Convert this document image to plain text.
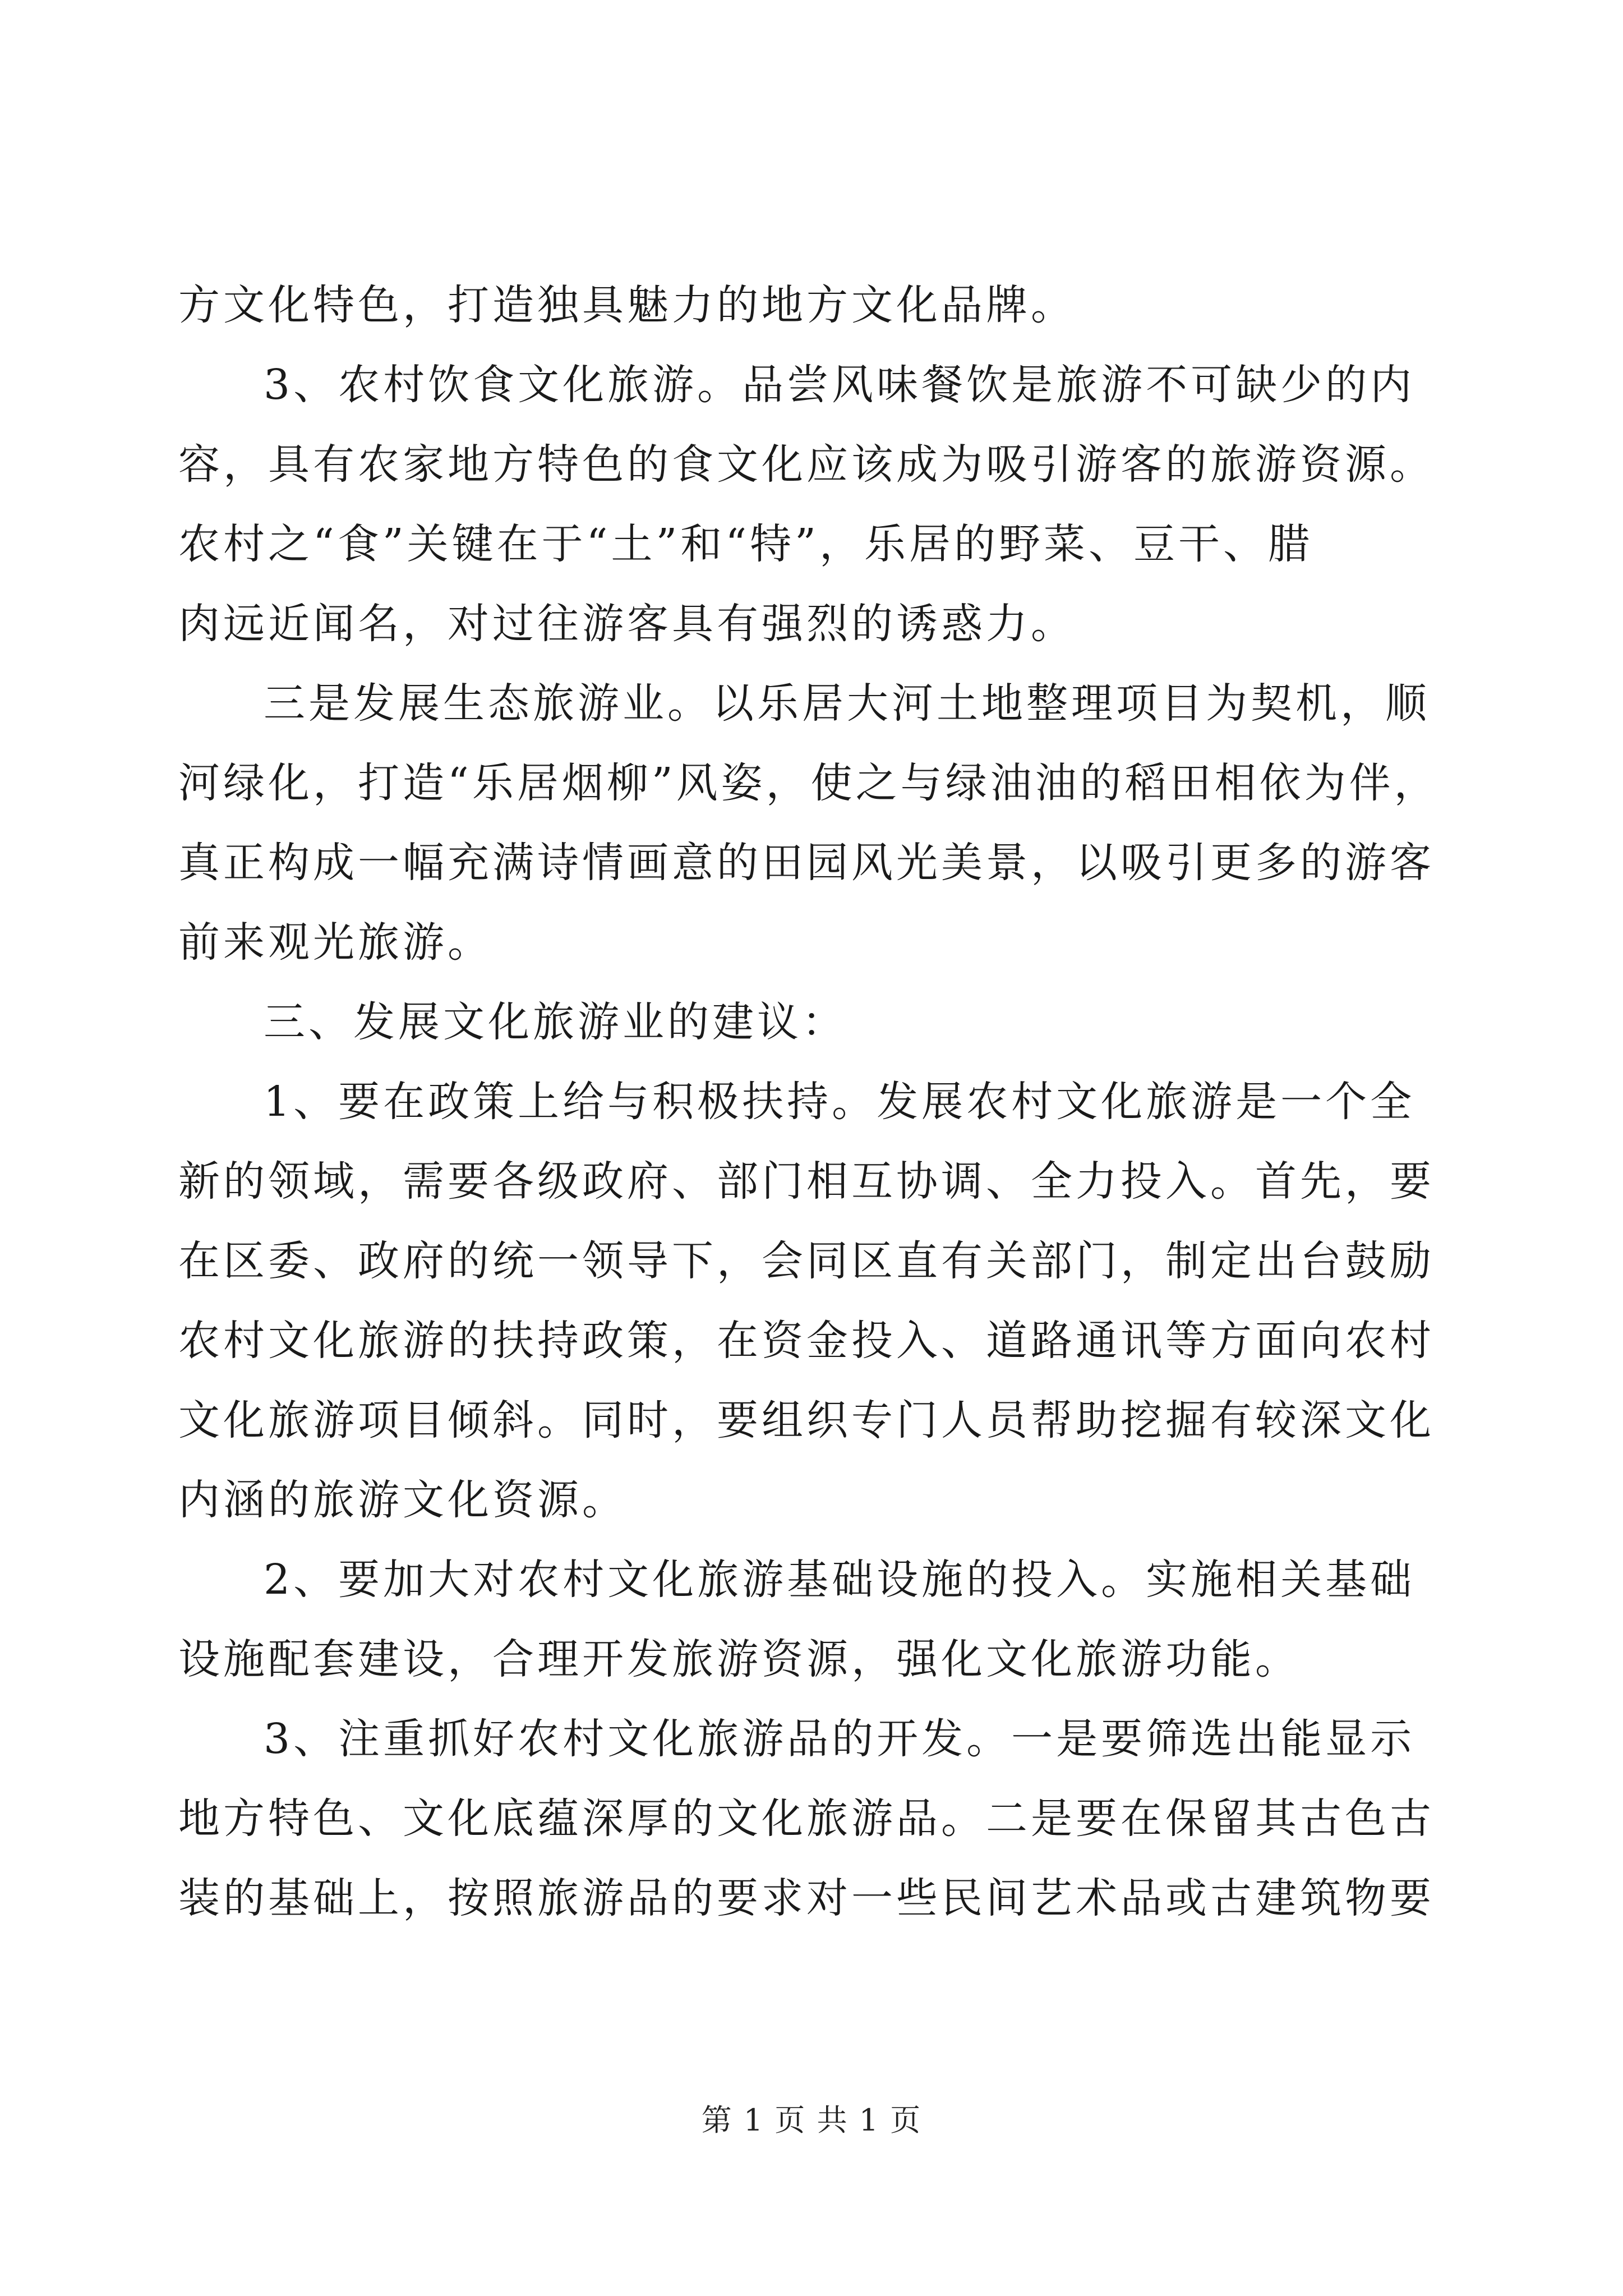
方文化特色，打造独具魅力的地方文化品牌。
3、农村饮食文化旅游。品尝风味餐饮是旅游不可缺少的内
容，具有农家地方特色的食文化应该成为吸引游客的旅游资源。
农村之“食”关键在于“土”和“特”，乐居的野菜、豆干、腊
肉远近闻名，对过往游客具有强烈的诱惑力。
三是发展生态旅游业。以乐居大河土地整理项目为契机，顺
河绿化，打造“乐居烟柳”风姿，使之与绿油油的稻田相依为伴，
真正构成一幅充满诗情画意的田园风光美景，以吸引更多的游客
前来观光旅游。
三、发展文化旅游业的建议：
1、要在政策上给与积极扶持。发展农村文化旅游是一个全
新的领域，需要各级政府、部门相互协调、全力投入。首先，要
在区委、政府的统一领导下，会同区直有关部门，制定出台鼓励
农村文化旅游的扶持政策，在资金投入、道路通讯等方面向农村
文化旅游项目倾斜。同时，要组织专门人员帮助挖掘有较深文化
内涵的旅游文化资源。
2、要加大对农村文化旅游基础设施的投入。实施相关基础
设施配套建设，合理开发旅游资源，强化文化旅游功能。
3、注重抓好农村文化旅游品的开发。一是要筛选出能显示
地方特色、文化底蕴深厚的文化旅游品。二是要在保留其古色古
装的基础上，按照旅游品的要求对一些民间艺术品或古建筑物要
第 1 页 共 1 页
